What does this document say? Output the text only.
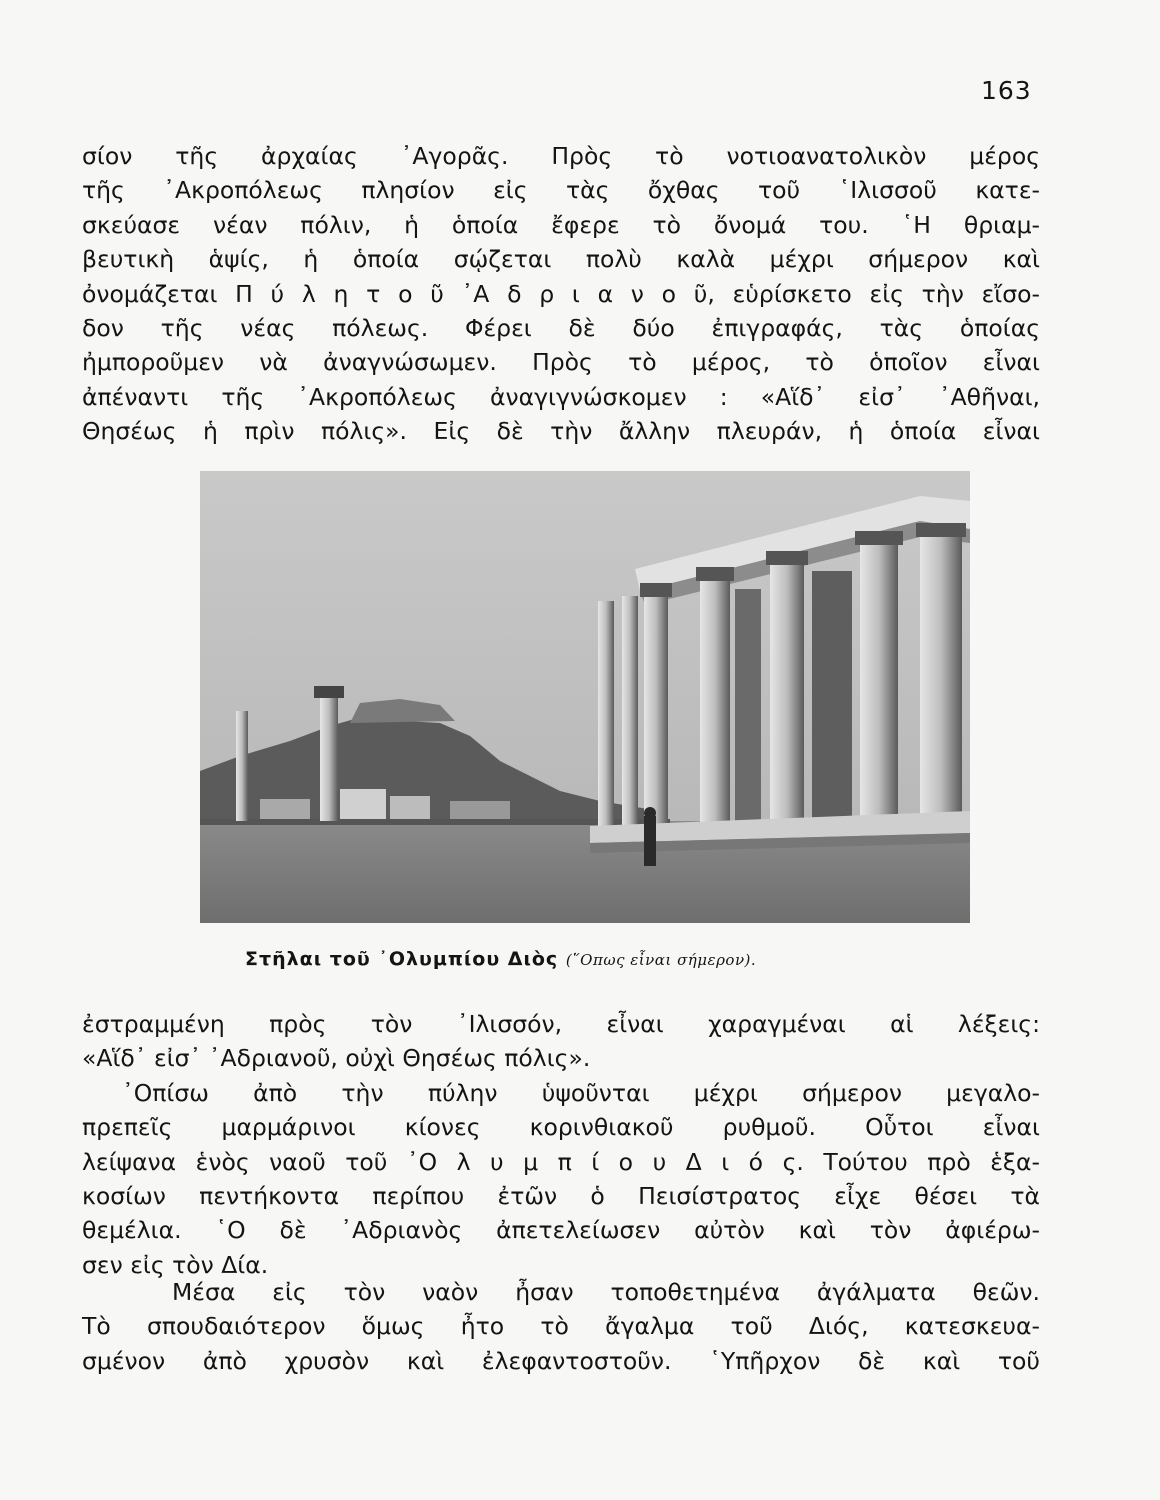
163

σίον τῆς ἀρχαίας ᾿Αγορᾶς. Πρὸς τὸ νοτιοανατολικὸν μέρος
τῆς ᾿Ακροπόλεως πλησίον εἰς τὰς ὄχθας τοῦ ῾Ιλισσοῦ κατε-
σκεύασε νέαν πόλιν, ἡ ὁποία ἔφερε τὸ ὄνομά του. ῾Η θριαμ-
βευτικὴ ἁψίς, ἡ ὁποία σῴζεται πολὺ καλὰ μέχρι σήμερον καὶ
ὀνομάζεται Π ύ λ η τ ο ῦ ᾿Α δ ρ ι α ν ο ῦ, εὑρίσκετο εἰς τὴν εἴσο-
δον τῆς νέας πόλεως. Φέρει δὲ δύο ἐπιγραφάς, τὰς ὁποίας
ἠμποροῦμεν νὰ ἀναγνώσωμεν. Πρὸς τὸ μέρος, τὸ ὁποῖον εἶναι
ἀπέναντι τῆς ᾿Ακροπόλεως ἀναγιγνώσκομεν : «Αἵδ᾿ εἰσ᾿ ᾿Αθῆναι,
Θησέως ἡ πρὶν πόλις». Εἰς δὲ τὴν ἄλλην πλευράν, ἡ ὁποία εἶναι

Στῆλαι τοῦ ᾿Ολυμπίου Διὸς (῞Οπως εἶναι σήμερον).

ἐστραμμένη πρὸς τὸν ᾿Ιλισσόν, εἶναι χαραγμέναι αἱ λέξεις:
«Αἵδ᾿ εἰσ᾿ ᾿Αδριανοῦ, οὐχὶ Θησέως πόλις».
᾿Οπίσω ἀπὸ τὴν πύλην ὑψοῦνται μέχρι σήμερον μεγαλο-
πρεπεῖς μαρμάρινοι κίονες κορινθιακοῦ ρυθμοῦ. Οὗτοι εἶναι
λείψανα ἑνὸς ναοῦ τοῦ ᾿Ο λ υ μ π ί ο υ Δ ι ό ς. Τούτου πρὸ ἑξα-
κοσίων πεντήκοντα περίπου ἐτῶν ὁ Πεισίστρατος εἶχε θέσει τὰ
θεμέλια. ῾Ο δὲ ᾿Αδριανὸς ἀπετελείωσεν αὐτὸν καὶ τὸν ἀφιέρω-
σεν εἰς τὸν Δία.

Μέσα εἰς τὸν ναὸν ἦσαν τοποθετημένα ἀγάλματα θεῶν.
Τὸ σπουδαιότερον ὅμως ἦτο τὸ ἄγαλμα τοῦ Διός, κατεσκευα-
σμένον ἀπὸ χρυσὸν καὶ ἐλεφαντοστοῦν. ῾Υπῆρχον δὲ καὶ τοῦ
